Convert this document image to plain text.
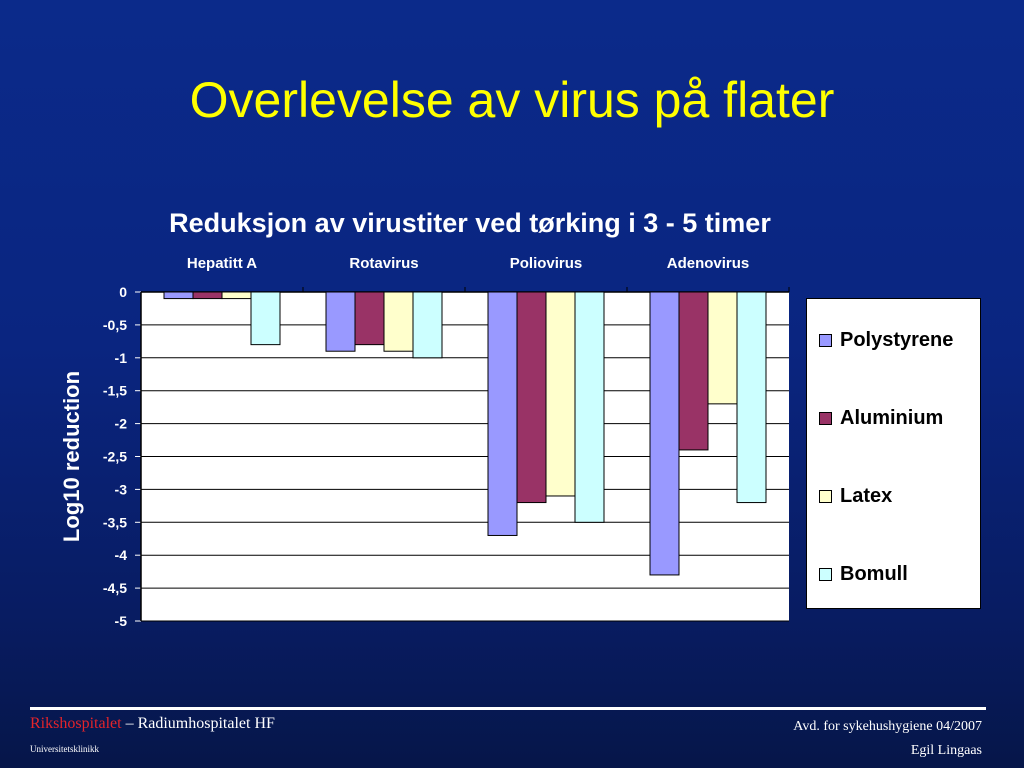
Overlevelse av virus på flater
Reduksjon av virustiter ved tørking i 3 - 5 timer
0
-0,5
-1
-1,5
-2
-2,5
-3
-3,5
-4
-4,5
-5
Hepatitt A	Rotavirus	Poliovirus	Adenovirus
Log10 reduction
Polystyrene
Aluminium
Latex
Bomull
Rikshospitalet – Radiumhospitalet HF
Universitetsklinikk
Avd. for sykehushygiene 04/2007
Egil Lingaas
